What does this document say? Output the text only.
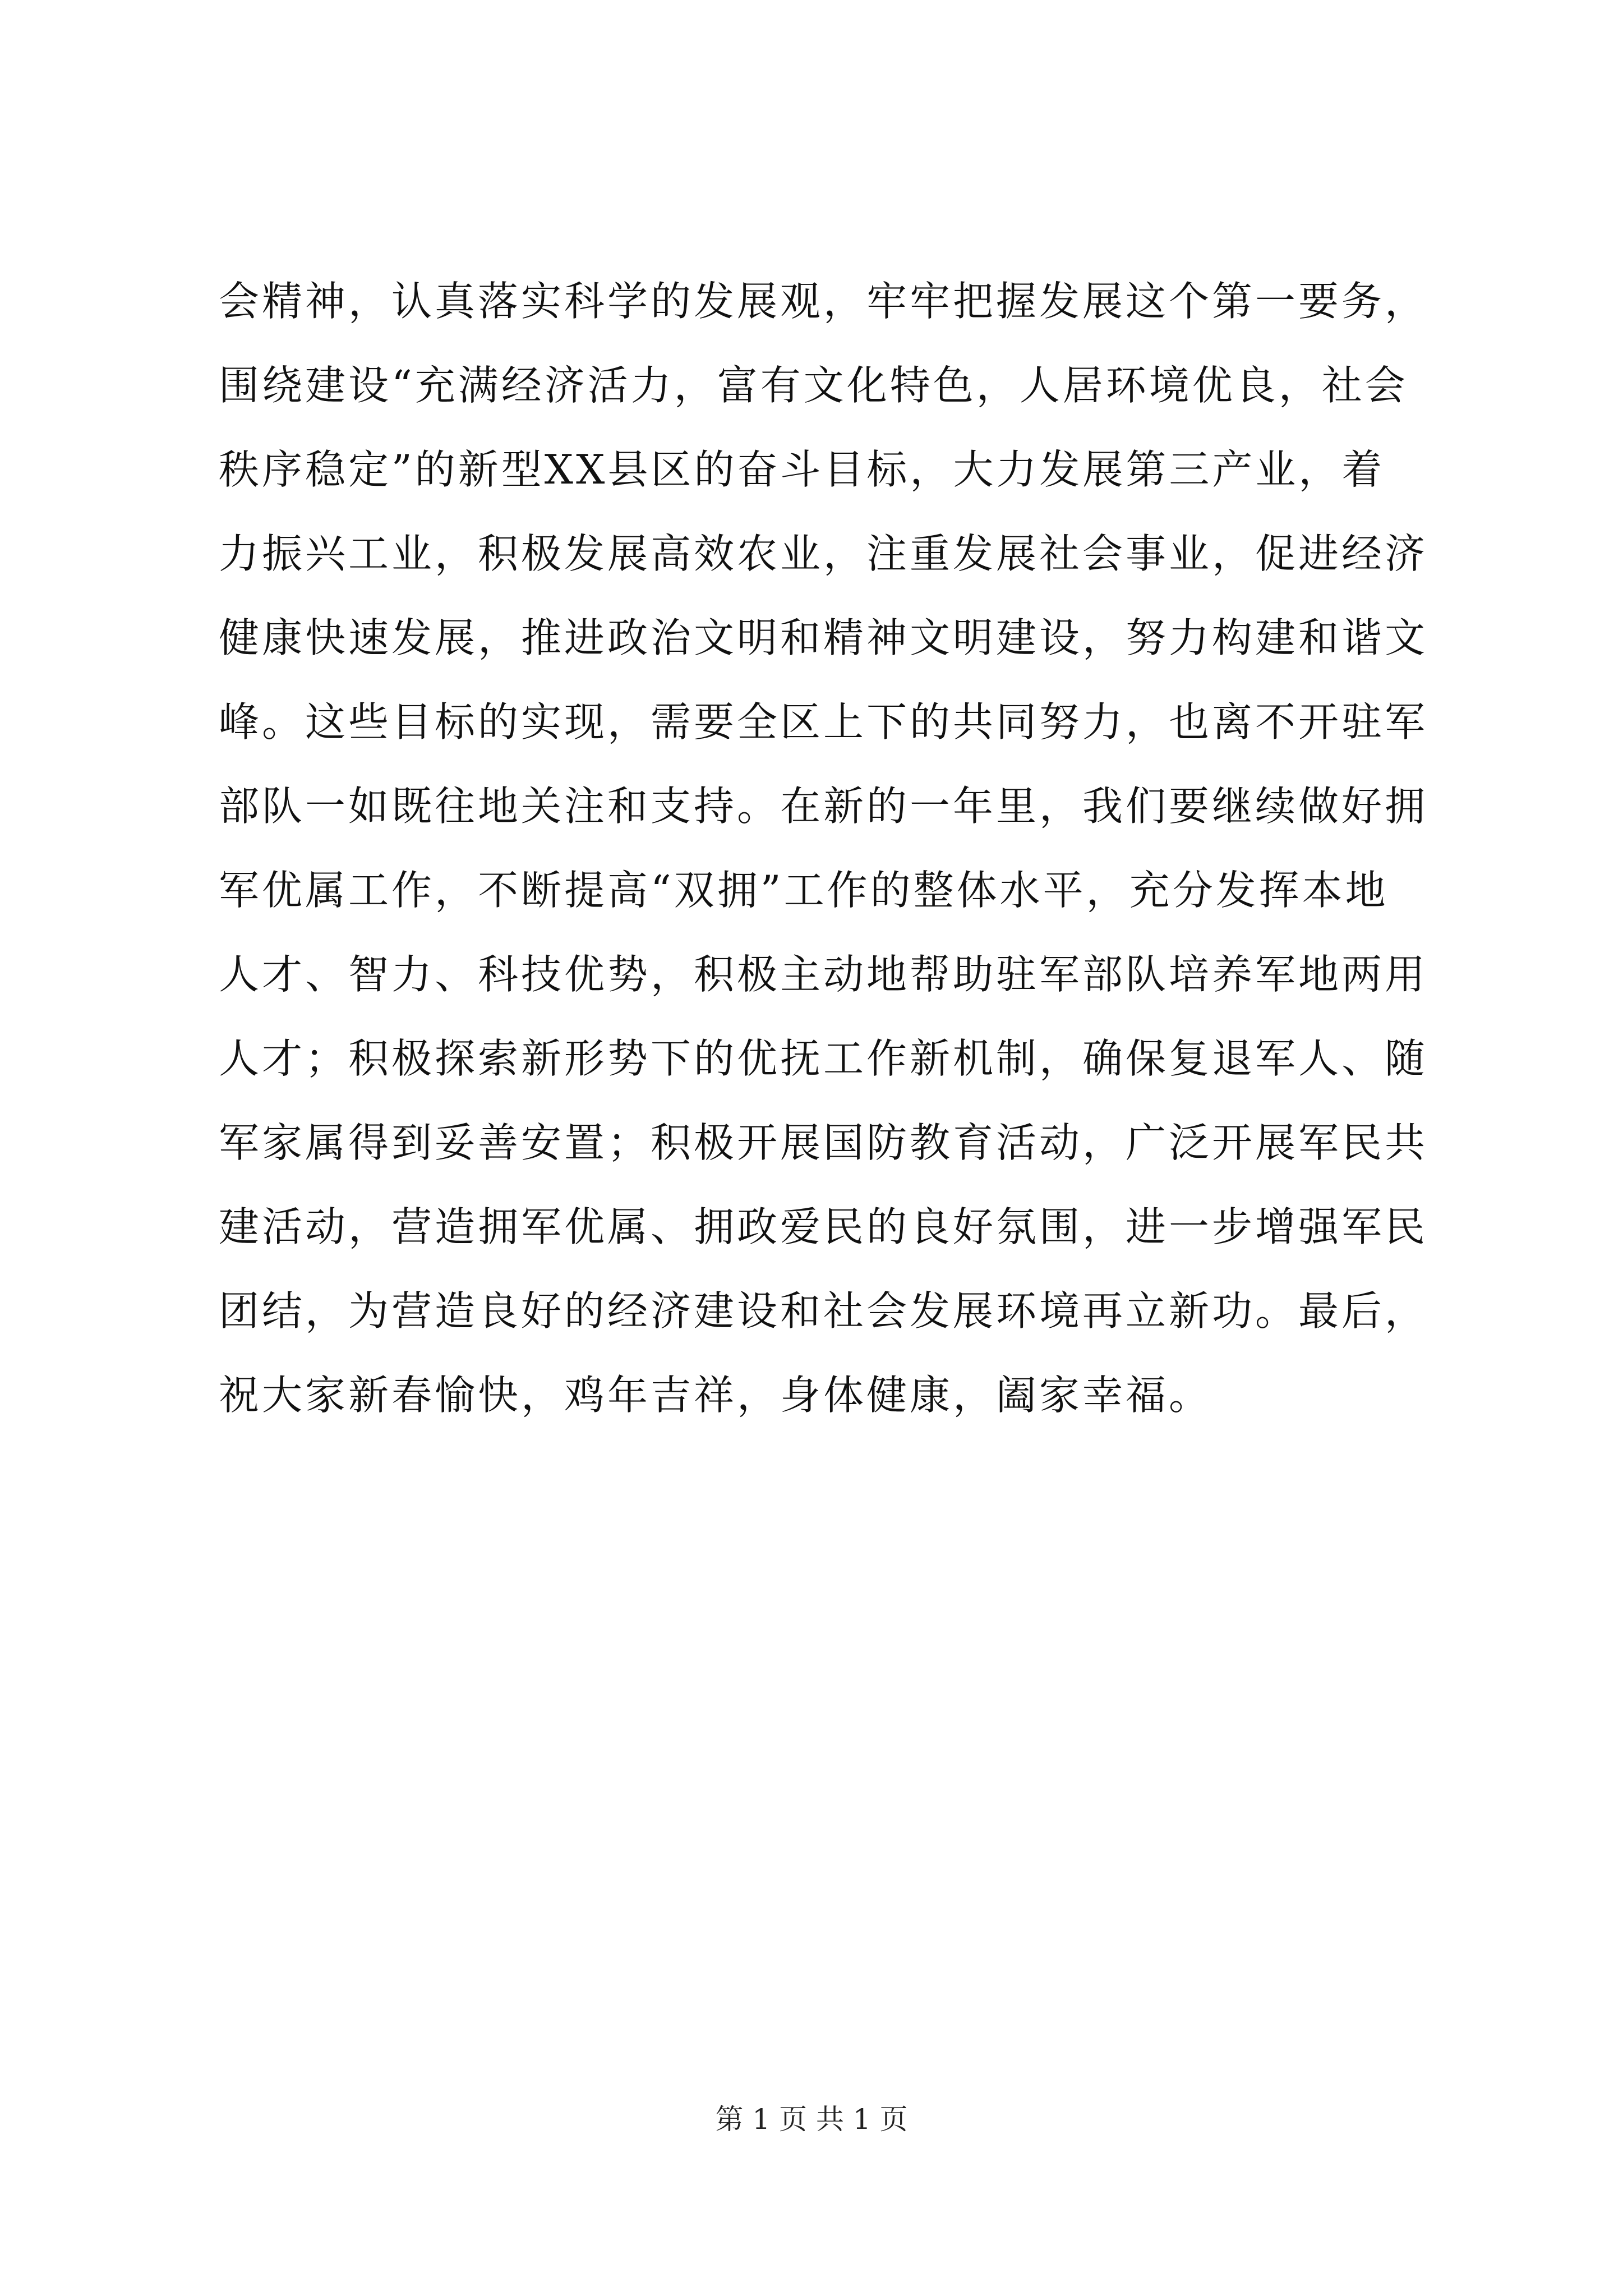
会精神，认真落实科学的发展观，牢牢把握发展这个第一要务，
围绕建设“充满经济活力，富有文化特色，人居环境优良，社会
秩序稳定”的新型XX县区的奋斗目标，大力发展第三产业，着
力振兴工业，积极发展高效农业，注重发展社会事业，促进经济
健康快速发展，推进政治文明和精神文明建设，努力构建和谐文
峰。这些目标的实现，需要全区上下的共同努力，也离不开驻军
部队一如既往地关注和支持。在新的一年里，我们要继续做好拥
军优属工作，不断提高“双拥”工作的整体水平，充分发挥本地
人才、智力、科技优势，积极主动地帮助驻军部队培养军地两用
人才；积极探索新形势下的优抚工作新机制，确保复退军人、随
军家属得到妥善安置；积极开展国防教育活动，广泛开展军民共
建活动，营造拥军优属、拥政爱民的良好氛围，进一步增强军民
团结，为营造良好的经济建设和社会发展环境再立新功。最后，
祝大家新春愉快，鸡年吉祥，身体健康，阖家幸福。
第 1 页 共 1 页
